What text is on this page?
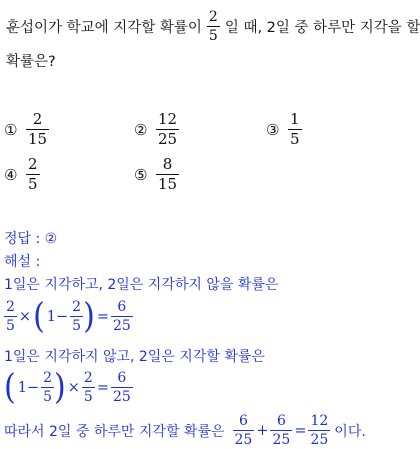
훈섭이가 학교에 지각할 확률이 $\frac{2}{5}$ 일 때, 2일 중 하루만 지각을 할
확률은?
① $\frac{2}{15}$	② $\frac{12}{25}$	③ $\frac{1}{5}$
④ $\frac{2}{5}$	⑤ $\frac{8}{15}$
정답 : ②
해설 :
1일은 지각하고, 2일은 지각하지 않을 확률은
$\frac{2}{5}$ × ( $1- \frac{2}{5}$ ) = $\frac{6}{25}$
1일은 지각하지 않고, 2일은 지각할 확률은
( $1- \frac{2}{5}$ ) × $\frac{2}{5} = \frac{6}{25}$
따라서 2일 중 하루만 지각할 확률은 $\frac{6}{25} + \frac{6}{25} = \frac{12}{25}$ 이다.
